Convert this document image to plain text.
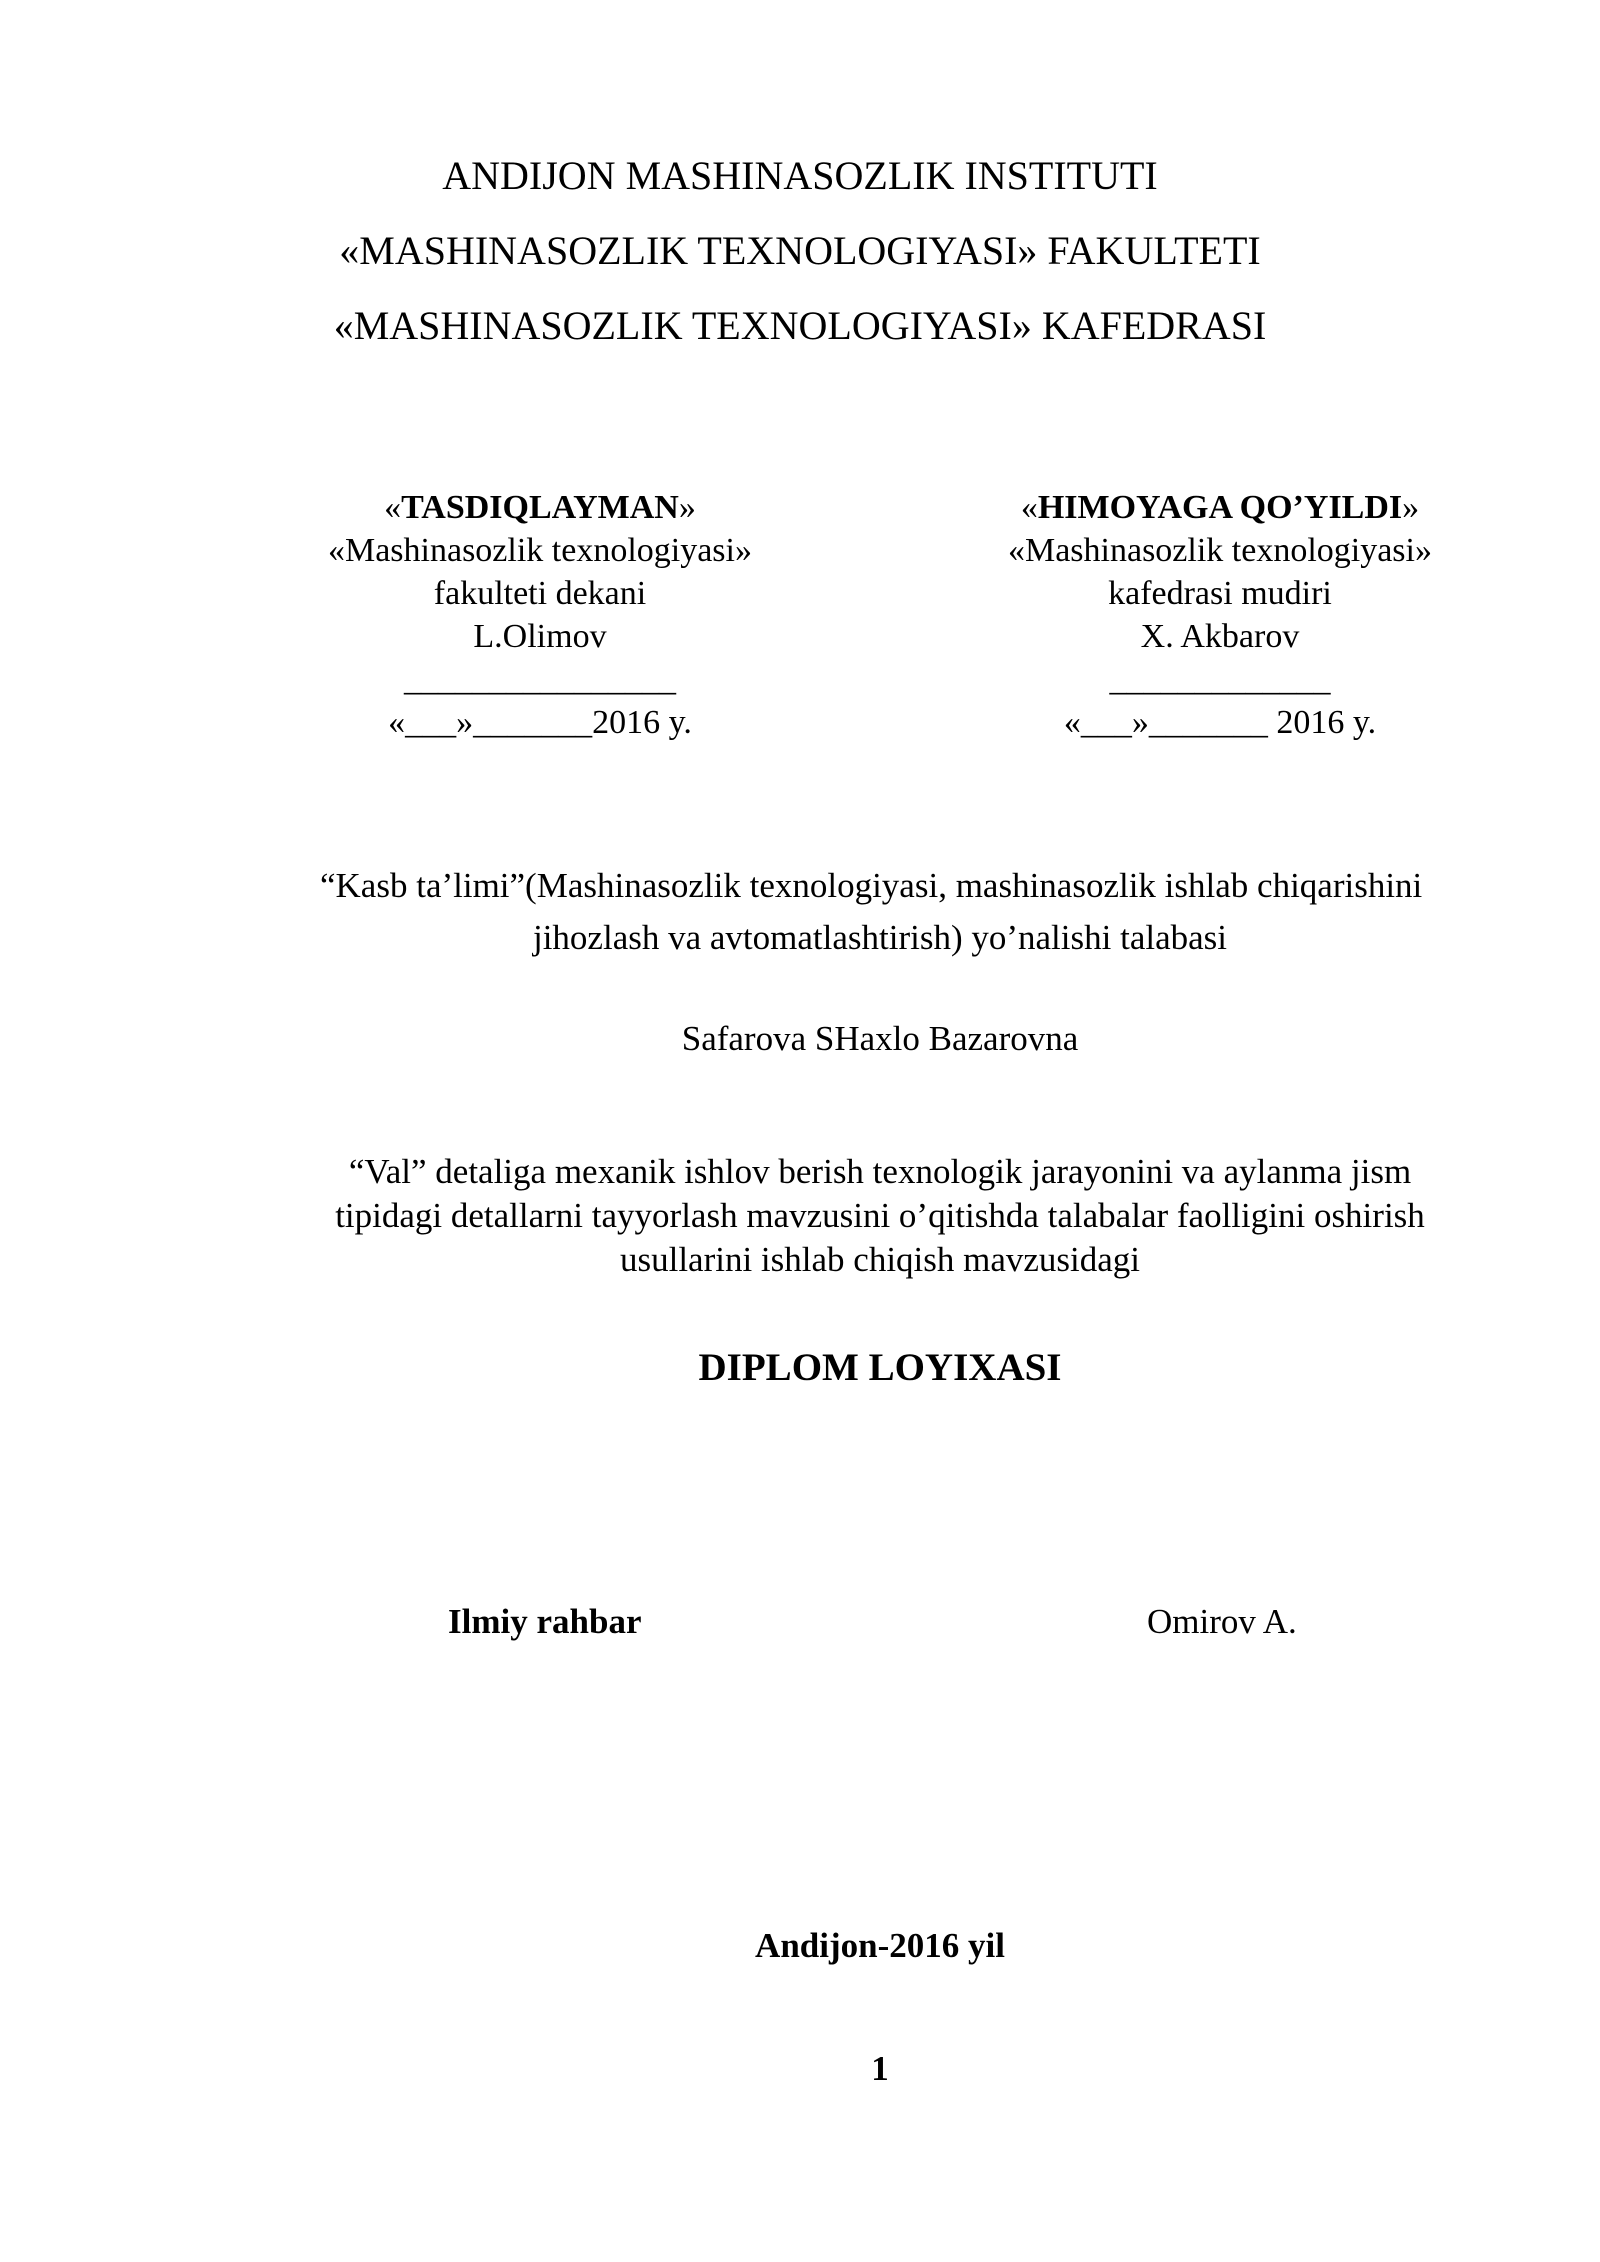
ANDIJON MASHINASOZLIK INSTITUTI
«MASHINASOZLIK TEXNOLOGIYASI» FAKULTETI
«MASHINASOZLIK TEXNOLOGIYASI» KAFEDRASI
«TASDIQLAYMAN»
«Mashinasozlik texnologiyasi»
fakulteti dekani
L.Olimov
________________
«___»_______2016 y.
«HIMOYAGA QO’YILDI»
«Mashinasozlik texnologiyasi»
kafedrasi mudiri
X. Akbarov
_____________
«___»_______ 2016 y.
“Kasb ta’limi”(Mashinasozlik texnologiyasi, mashinasozlik ishlab chiqarishini
jihozlash va avtomatlashtirish) yo’nalishi talabasi
Safarova SHaxlo Bazarovna
“Val” detaliga mexanik ishlov berish texnologik jarayonini va aylanma jism
tipidagi detallarni tayyorlash mavzusini o’qitishda talabalar faolligini oshirish
usullarini ishlab chiqish mavzusidagi
DIPLOM LOYIXASI
Ilmiy rahbar	Omirov A.
Andijon-2016 yil
1
